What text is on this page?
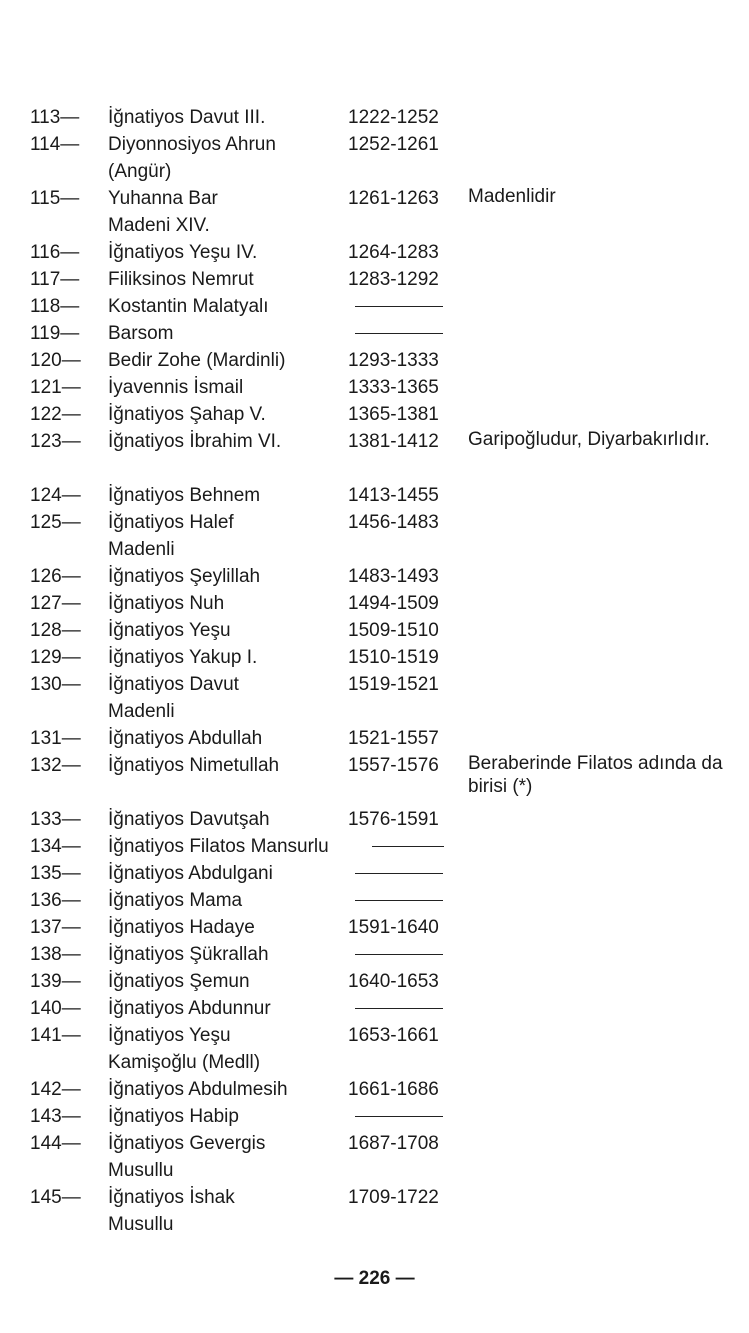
113—	İğnatiyos Davut III.	1222-1252
114—	Diyonnosiyos Ahrun	1252-1261
(Angür)
115—	Yuhanna Bar	1261-1263 Madenlidir
Madeni XIV.
116—	İğnatiyos Yeşu IV.	1264-1283
117—	Filiksinos Nemrut	1283-1292
118—	Kostantin Malatyalı
119—	Barsom
120—	Bedir Zohe (Mardinli)	1293-1333
121—	İyavennis İsmail	1333-1365
122—	İğnatiyos Şahap V.	1365-1381
123—	İğnatiyos İbrahim VI.	1381-1412 Garipoğludur, Diyarbakırlıdır.
124—	İğnatiyos Behnem	1413-1455
125—	İğnatiyos Halef	1456-1483
Madenli
126—	İğnatiyos Şeylillah	1483-1493
127—	İğnatiyos Nuh	1494-1509
128—	İğnatiyos Yeşu	1509-1510
129—	İğnatiyos Yakup I.	1510-1519
130—	İğnatiyos Davut	1519-1521
Madenli
131—	İğnatiyos Abdullah	1521-1557
132—	İğnatiyos Nimetullah	1557-1576 Beraberinde Filatos adında da birisi (*)
133—	İğnatiyos Davutşah	1576-1591
134—	İğnatiyos Filatos Mansurlu
135—	İğnatiyos Abdulgani
136—	İğnatiyos Mama
137—	İğnatiyos Hadaye	1591-1640
138—	İğnatiyos Şükrallah
139—	İğnatiyos Şemun	1640-1653
140—	İğnatiyos Abdunnur
141—	İğnatiyos Yeşu	1653-1661
Kamişoğlu (Medll)
142—	İğnatiyos Abdulmesih	1661-1686
143—	İğnatiyos Habip
144—	İğnatiyos Gevergis	1687-1708
Musullu
145—	İğnatiyos İshak	1709-1722
Musullu
— 226 —
